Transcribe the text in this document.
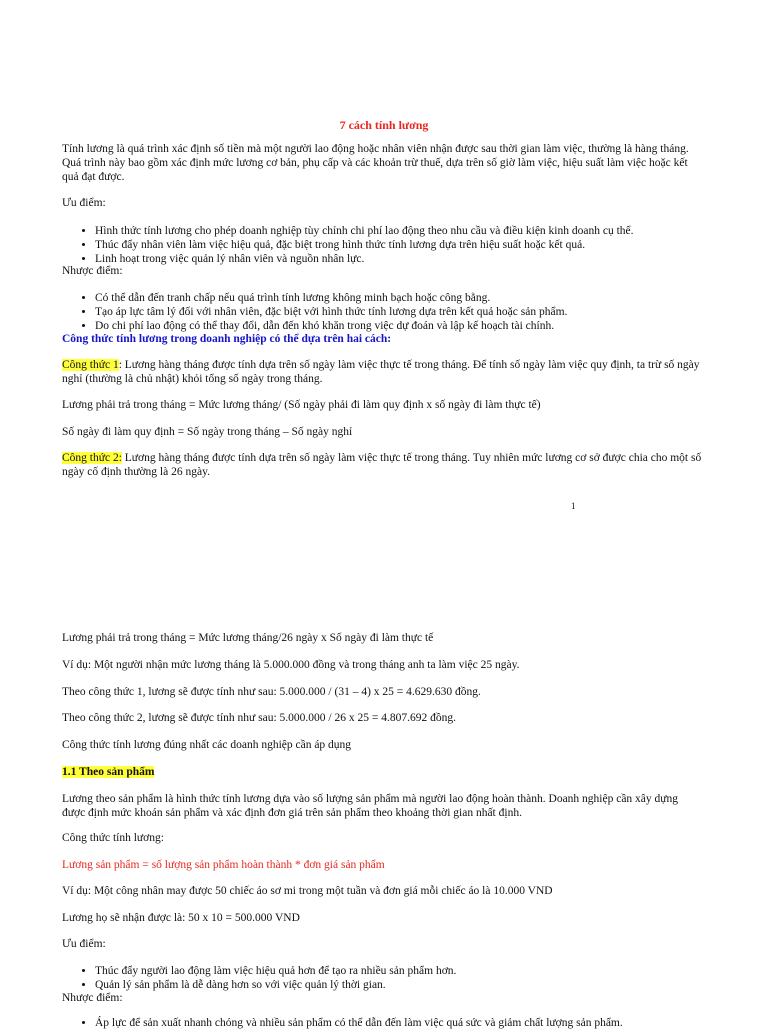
7 cách tính lương

Tính lương là quá trình xác định số tiền mà một người lao động hoặc nhân viên nhận được sau thời gian làm việc, thường là hàng tháng. Quá trình này bao gồm xác định mức lương cơ bản, phụ cấp và các khoản trừ thuế, dựa trên số giờ làm việc, hiệu suất làm việc hoặc kết quả đạt được.

Ưu điểm:

• Hình thức tính lương cho phép doanh nghiệp tùy chỉnh chi phí lao động theo nhu cầu và điều kiện kinh doanh cụ thể.
• Thúc đẩy nhân viên làm việc hiệu quả, đặc biệt trong hình thức tính lương dựa trên hiệu suất hoặc kết quả.
• Linh hoạt trong việc quản lý nhân viên và nguồn nhân lực.

Nhược điểm:

• Có thể dẫn đến tranh chấp nếu quá trình tính lương không minh bạch hoặc công bằng.
• Tạo áp lực tâm lý đối với nhân viên, đặc biệt với hình thức tính lương dựa trên kết quả hoặc sản phẩm.
• Do chi phí lao động có thể thay đổi, dẫn đến khó khăn trong việc dự đoán và lập kế hoạch tài chính.

Công thức tính lương trong doanh nghiệp có thể dựa trên hai cách:

Công thức 1: Lương hàng tháng được tính dựa trên số ngày làm việc thực tế trong tháng. Để tính số ngày làm việc quy định, ta trừ số ngày nghỉ (thường là chủ nhật) khỏi tổng số ngày trong tháng.

Lương phải trả trong tháng = Mức lương tháng/ (Số ngày phải đi làm quy định x số ngày đi làm thực tế)

Số ngày đi làm quy định = Số ngày trong tháng – Số ngày nghỉ

Công thức 2: Lương hàng tháng được tính dựa trên số ngày làm việc thực tế trong tháng. Tuy nhiên mức lương cơ sở được chia cho một số ngày cố định thường là 26 ngày.

1

Lương phải trả trong tháng = Mức lương tháng/26 ngày x Số ngày đi làm thực tế

Ví dụ: Một người nhận mức lương tháng là 5.000.000 đồng và trong tháng anh ta làm việc 25 ngày.

Theo công thức 1, lương sẽ được tính như sau: 5.000.000 / (31 – 4) x 25 = 4.629.630 đồng.

Theo công thức 2, lương sẽ được tính như sau: 5.000.000 / 26 x 25 = 4.807.692 đồng.

Công thức tính lương đúng nhất các doanh nghiệp cần áp dụng

1.1 Theo sản phẩm

Lương theo sản phẩm là hình thức tính lương dựa vào số lượng sản phẩm mà người lao động hoàn thành. Doanh nghiệp cần xây dựng được định mức khoán sản phẩm và xác định đơn giá trên sản phẩm theo khoảng thời gian nhất định.

Công thức tính lương:

Lương sản phẩm = số lượng sản phẩm hoàn thành * đơn giá sản phẩm

Ví dụ: Một công nhân may được 50 chiếc áo sơ mi trong một tuần và đơn giá mỗi chiếc áo là 10.000 VND

Lương họ sẽ nhận được là: 50 x 10 = 500.000 VND

Ưu điểm:

• Thúc đẩy người lao động làm việc hiệu quả hơn để tạo ra nhiều sản phẩm hơn.
• Quản lý sản phẩm là dễ dàng hơn so với việc quản lý thời gian.

Nhược điểm:

• Áp lực để sản xuất nhanh chóng và nhiều sản phẩm có thể dẫn đến làm việc quá sức và giảm chất lượng sản phẩm.
